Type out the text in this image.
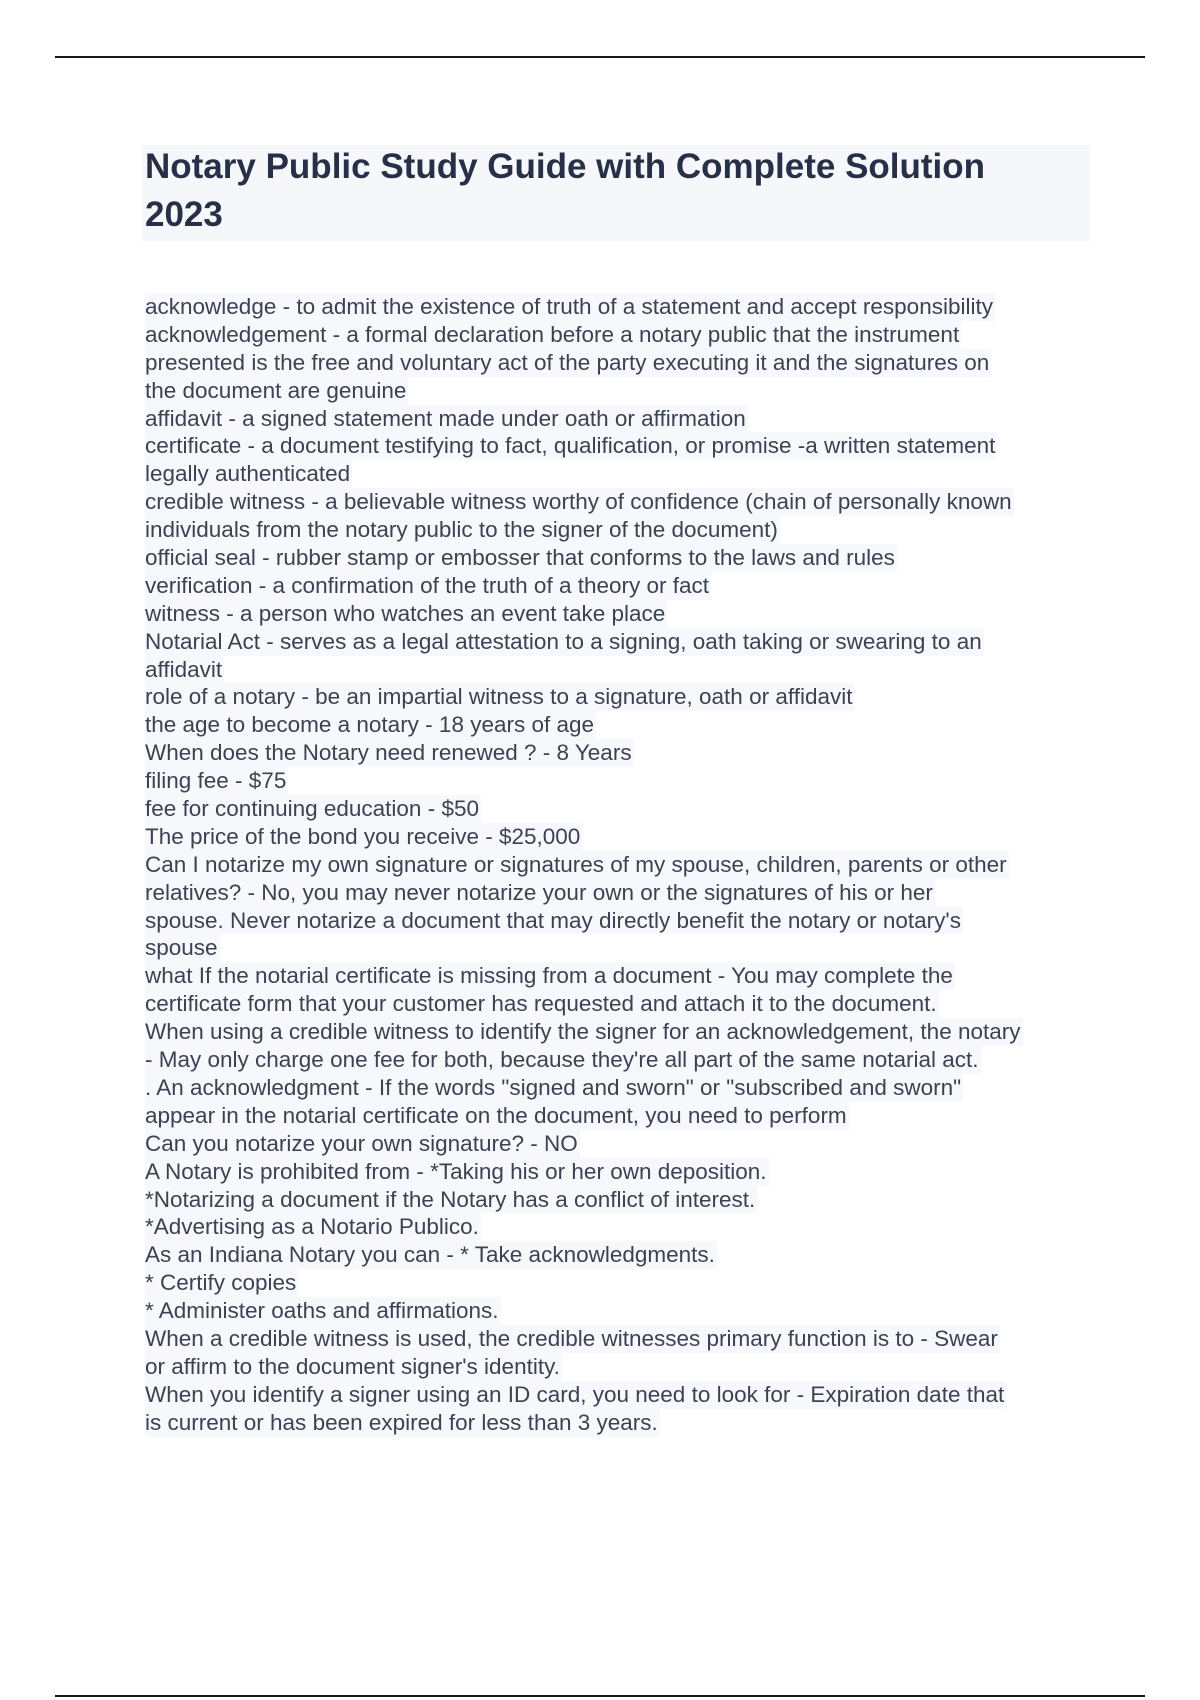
Notary Public Study Guide with Complete Solution
2023

acknowledge - to admit the existence of truth of a statement and accept responsibility

acknowledgement - a formal declaration before a notary public that the instrument

presented is the free and voluntary act of the party executing it and the signatures on

the document are genuine

affidavit - a signed statement made under oath or affirmation

certificate - a document testifying to fact, qualification, or promise -a written statement

legally authenticated

credible witness - a believable witness worthy of confidence (chain of personally known

individuals from the notary public to the signer of the document)

official seal - rubber stamp or embosser that conforms to the laws and rules

verification - a confirmation of the truth of a theory or fact

witness - a person who watches an event take place

Notarial Act - serves as a legal attestation to a signing, oath taking or swearing to an

affidavit

role of a notary - be an impartial witness to a signature, oath or affidavit

the age to become a notary - 18 years of age

When does the Notary need renewed ? - 8 Years

filing fee - $75

fee for continuing education - $50

The price of the bond you receive - $25,000

Can I notarize my own signature or signatures of my spouse, children, parents or other

relatives? - No, you may never notarize your own or the signatures of his or her

spouse. Never notarize a document that may directly benefit the notary or notary's

spouse

what If the notarial certificate is missing from a document - You may complete the

certificate form that your customer has requested and attach it to the document.

When using a credible witness to identify the signer for an acknowledgement, the notary

- May only charge one fee for both, because they're all part of the same notarial act.

. An acknowledgment - If the words "signed and sworn" or "subscribed and sworn"

appear in the notarial certificate on the document, you need to perform

Can you notarize your own signature? - NO

A Notary is prohibited from - *Taking his or her own deposition.

*Notarizing a document if the Notary has a conflict of interest.

*Advertising as a Notario Publico.

As an Indiana Notary you can - * Take acknowledgments.

* Certify copies

* Administer oaths and affirmations.

When a credible witness is used, the credible witnesses primary function is to - Swear

or affirm to the document signer's identity.

When you identify a signer using an ID card, you need to look for - Expiration date that

is current or has been expired for less than 3 years.
